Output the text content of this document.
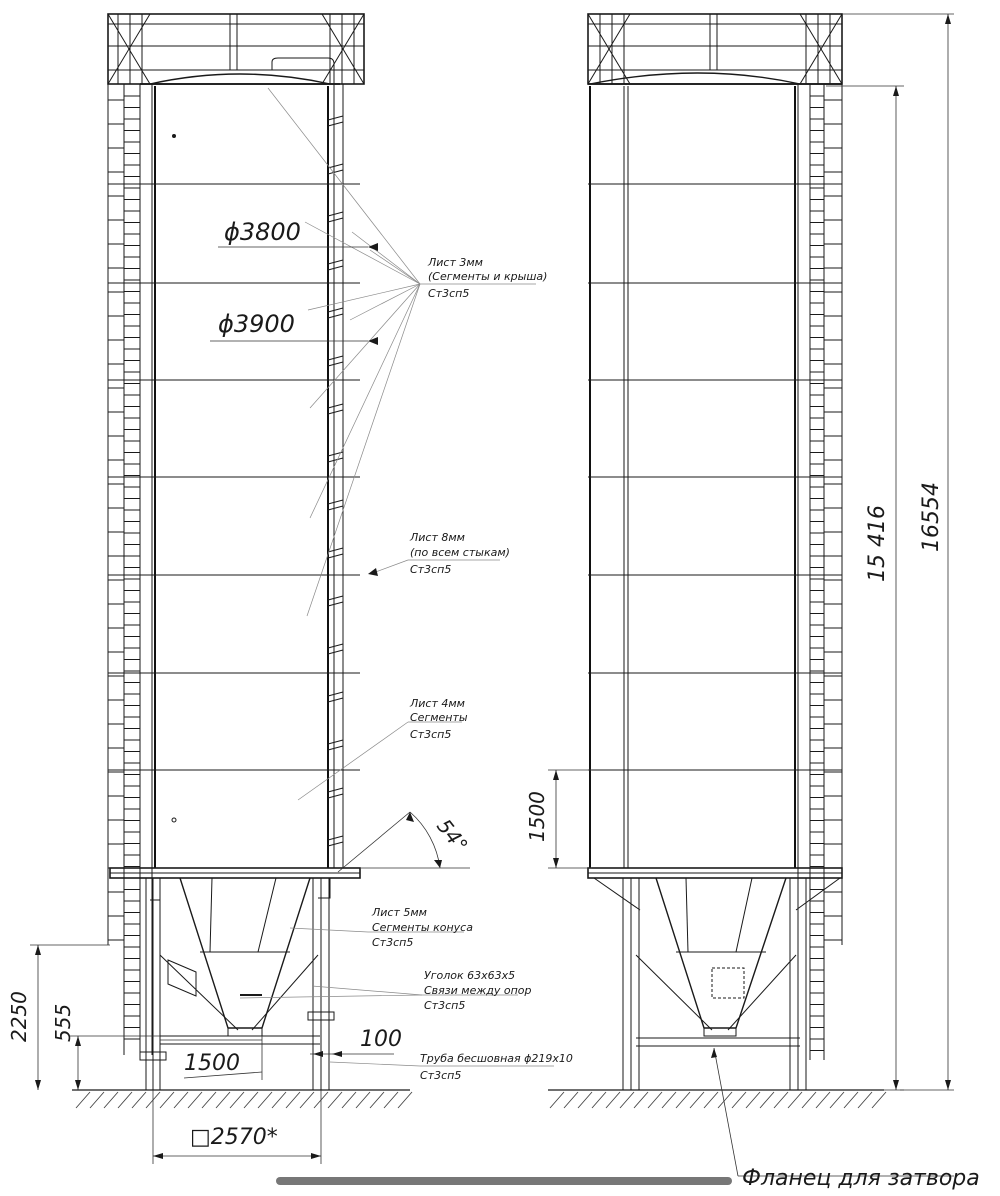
ϕ3800
ϕ3900
2250 555
1500
100
□2570*
54°	1500
15 416 16554
Лист 3мм
(Сегменты и крыша)
Ст3сп5
Лист 8мм
(по всем стыкам)
Ст3сп5
Лист 4мм
Сегменты
Ст3сп5
Лист 5мм
Сегменты конуса
Ст3сп5
Уголок 63х63х5
Связи между опор
Ст3сп5
Труба бесшовная ϕ219х10
Ст3сп5
Фланец для затвора
